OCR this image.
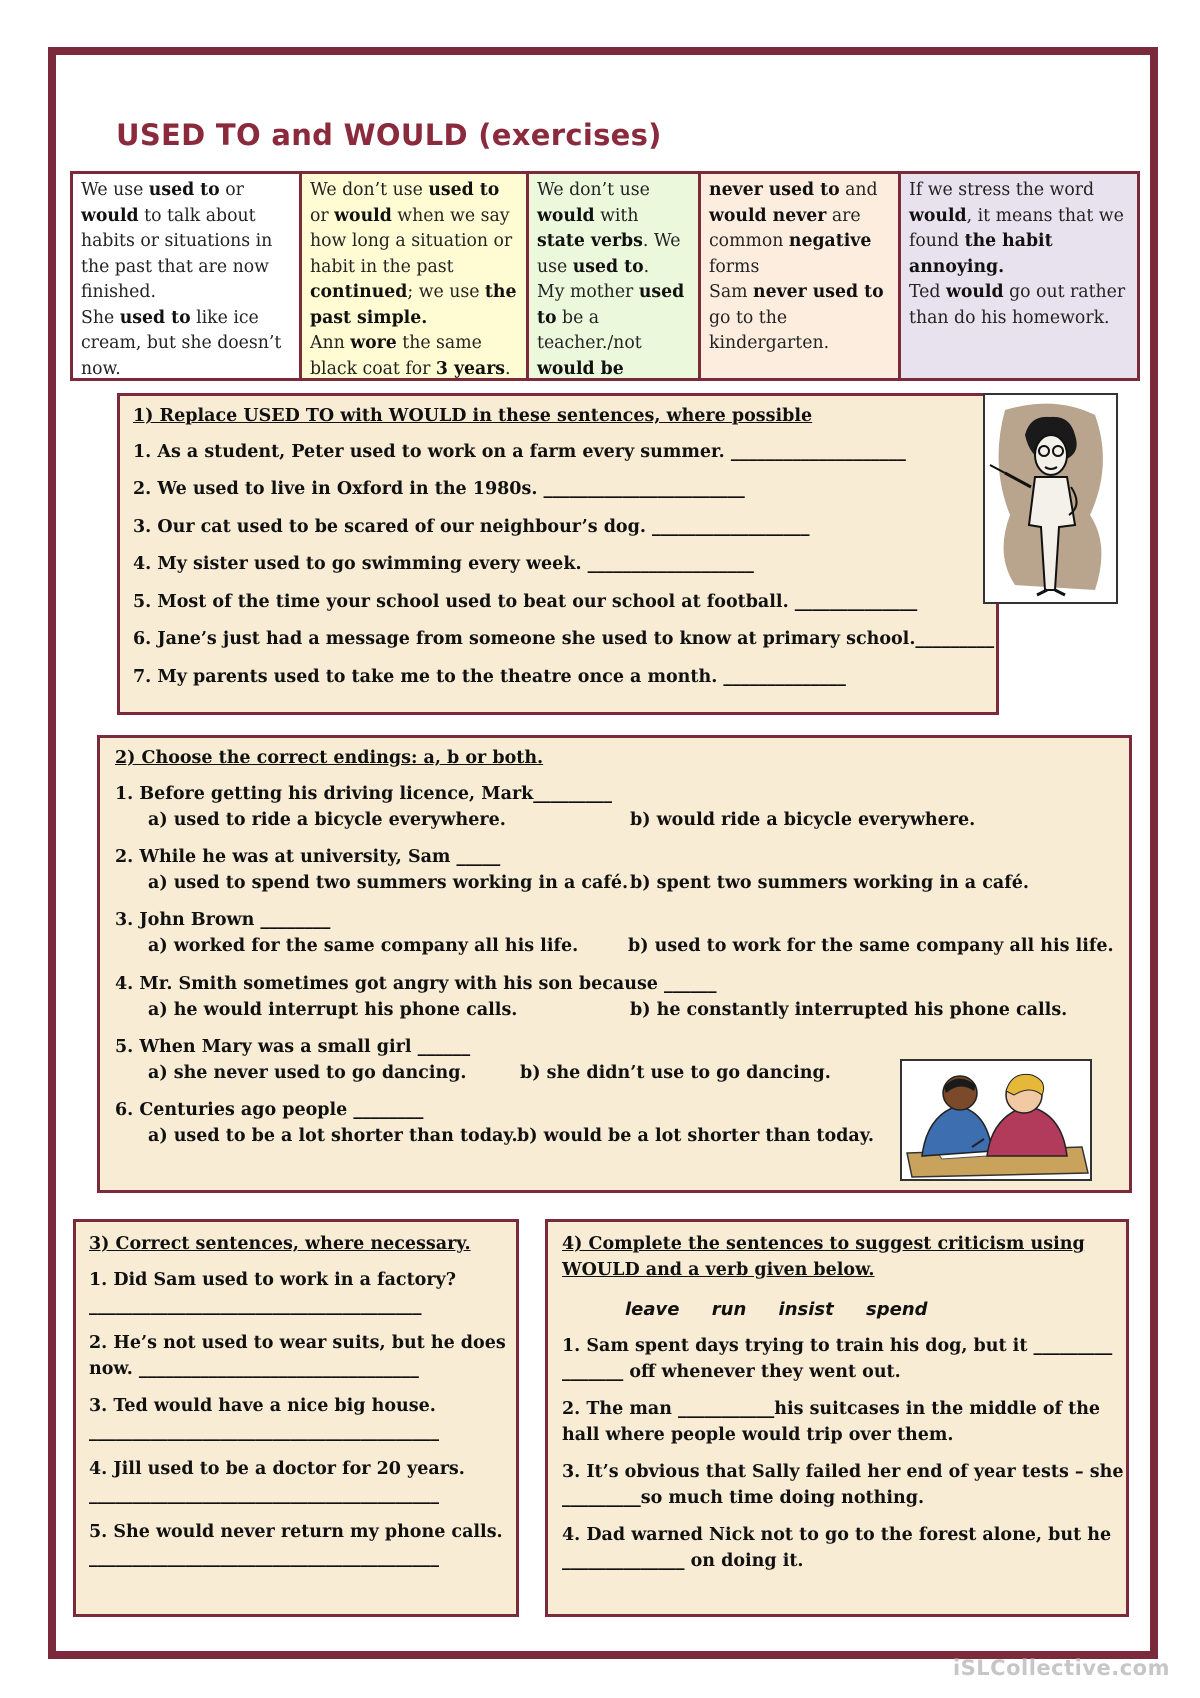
USED TO and WOULD (exercises)
We use used to or would to talk about habits or situations in the past that are now finished.
She used to like ice cream, but she doesn’t now.
We don’t use used to or would when we say how long a situation or habit in the past continued; we use the past simple.
Ann wore the same black coat for 3 years.
We don’t use would with state verbs. We use used to.
My mother used to be a teacher./not would be
never used to and would never are common negative forms
Sam never used to go to the kindergarten.
If we stress the word would, it means that we found the habit annoying.
Ted would go out rather than do his homework.
1) Replace USED TO with WOULD in these sentences, where possible
1. As a student, Peter used to work on a farm every summer. ____________________
2. We used to live in Oxford in the 1980s. _______________________
3. Our cat used to be scared of our neighbour’s dog. __________________
4. My sister used to go swimming every week. ___________________
5. Most of the time your school used to beat our school at football. ______________
6. Jane’s just had a message from someone she used to know at primary school._________
7. My parents used to take me to the theatre once a month. ______________
2) Choose the correct endings: a, b or both.
1. Before getting his driving licence, Mark_________
a) used to ride a bicycle everywhere.	b) would ride a bicycle everywhere.
2. While he was at university, Sam _____
a) used to spend two summers working in a café. b) spent two summers working in a café.
3. John Brown ________
a) worked for the same company all his life.	b) used to work for the same company all his life.
4. Mr. Smith sometimes got angry with his son because ______
a) he would interrupt his phone calls.	b) he constantly interrupted his phone calls.
5. When Mary was a small girl ______
a) she never used to go dancing.	b) she didn’t use to go dancing.
6. Centuries ago people ________
a) used to be a lot shorter than today. b) would be a lot shorter than today.
3) Correct sentences, where necessary.
1. Did Sam used to work in a factory?
______________________________________
2. He’s not used to wear suits, but he does
now. ________________________________
3. Ted would have a nice big house.
________________________________________
4. Jill used to be a doctor for 20 years.
________________________________________
5. She would never return my phone calls.
________________________________________
4) Complete the sentences to suggest criticism using
WOULD and a verb given below.
leave run insist spend
1. Sam spent days trying to train his dog, but it _________
_______ off whenever they went out.
2. The man ___________his suitcases in the middle of the
hall where people would trip over them.
3. It’s obvious that Sally failed her end of year tests – she
_________so much time doing nothing.
4. Dad warned Nick not to go to the forest alone, but he
______________ on doing it.
iSLCollective.com
